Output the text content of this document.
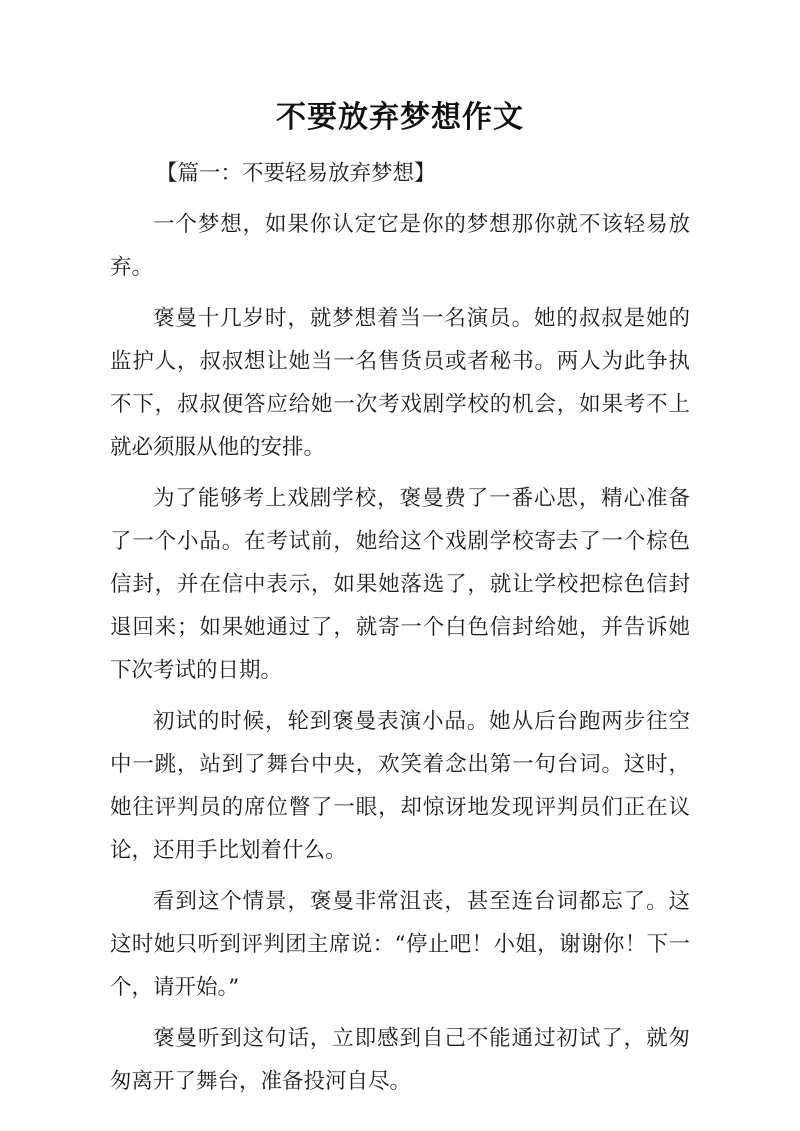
不要放弃梦想作文

【篇一：不要轻易放弃梦想】

一个梦想，如果你认定它是你的梦想那你就不该轻易放弃。

褒曼十几岁时，就梦想着当一名演员。她的叔叔是她的监护人，叔叔想让她当一名售货员或者秘书。两人为此争执不下，叔叔便答应给她一次考戏剧学校的机会，如果考不上就必须服从他的安排。

为了能够考上戏剧学校，褒曼费了一番心思，精心准备了一个小品。在考试前，她给这个戏剧学校寄去了一个棕色信封，并在信中表示，如果她落选了，就让学校把棕色信封退回来；如果她通过了，就寄一个白色信封给她，并告诉她下次考试的日期。

初试的时候，轮到褒曼表演小品。她从后台跑两步往空中一跳，站到了舞台中央，欢笑着念出第一句台词。这时，她往评判员的席位瞥了一眼，却惊讶地发现评判员们正在议论，还用手比划着什么。

看到这个情景，褒曼非常沮丧，甚至连台词都忘了。这这时她只听到评判团主席说：“停止吧！小姐，谢谢你！下一个，请开始。”

褒曼听到这句话，立即感到自己不能通过初试了，就匆匆离开了舞台，准备投河自尽。
